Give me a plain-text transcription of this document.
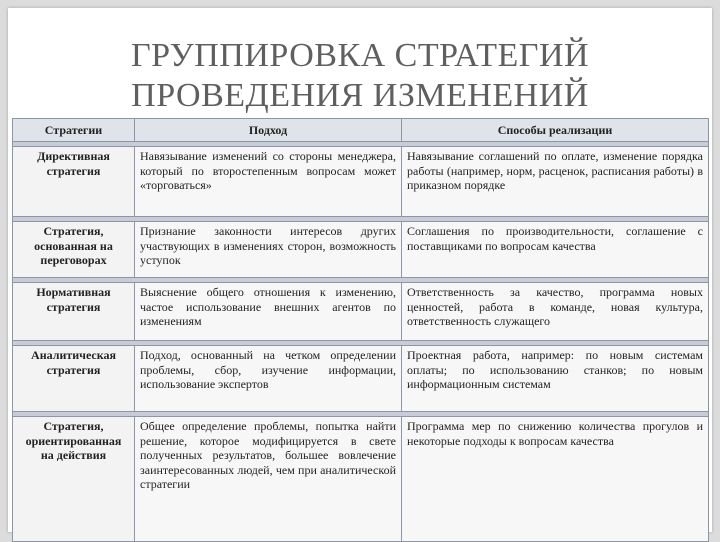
ГРУППИРОВКА СТРАТЕГИЙ
ПРОВЕДЕНИЯ ИЗМЕНЕНИЙ
Стратегии	Подход	Способы реализации

Директивная стратегия	Навязывание изменений со стороны менеджера, который по второстепенным вопросам может «торговаться»	Навязывание соглашений по оплате, изменение порядка работы (например, норм, расценок, расписания работы) в приказном порядке

Стратегия, основанная на переговорах	Признание законности интересов других участвующих в изменениях сторон, возможность уступок	Соглашения по производительности, соглашение с поставщиками по вопросам качества

Нормативная стратегия	Выяснение общего отношения к изменению, частое использование внешних агентов по изменениям	Ответственность за качество, программа новых ценностей, работа в команде, новая культура, ответственность служащего

Аналитическая стратегия	Подход, основанный на четком определении проблемы, сбор, изучение информации, использование экспертов	Проектная работа, например: по новым системам оплаты; по использованию станков; по новым информационным системам

Стратегия, ориентированная на действия	Общее определение проблемы, попытка найти решение, которое модифицируется в свете полученных результатов, большее вовлечение заинтересованных людей, чем при аналитической стратегии	Программа мер по снижению количества прогулов и некоторые подходы к вопросам качества
